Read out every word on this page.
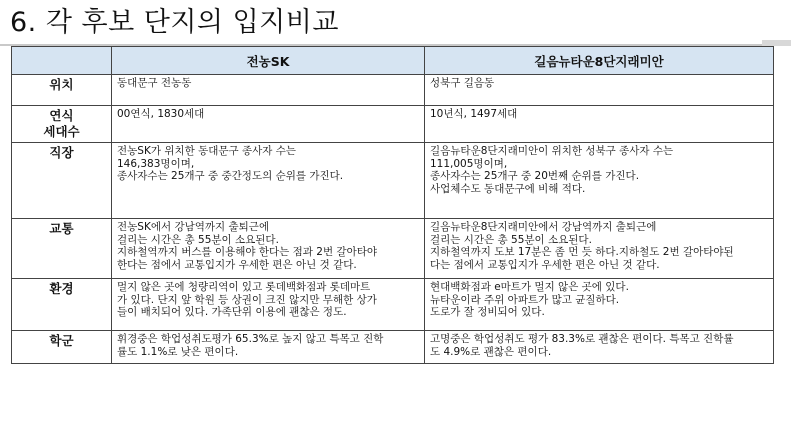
6. 각 후보 단지의 입지비교
	전농SK	길음뉴타운8단지래미안
위치	동대문구 전농동	성북구 길음동
연식
세대수	00연식, 1830세대	10년식, 1497세대
직장	전농SK가 위치한 동대문구 종사자 수는
146,383명이며,
종사자수는 25개구 중 중간정도의 순위를 가진다.	길음뉴타운8단지래미안이 위치한 성북구 종사자 수는
111,005명이며,
종사자수는 25개구 중 20번째 순위를 가진다.
사업체수도 동대문구에 비해 적다.
교통	전농SK에서 강남역까지 출퇴근에
걸리는 시간은 총 55분이 소요된다.
지하철역까지 버스를 이용해야 한다는 점과 2번 갈아타야
한다는 점에서 교통입지가 우세한 편은 아닌 것 같다.	길음뉴타운8단지래미안에서 강남역까지 출퇴근에
걸리는 시간은 총 55분이 소요된다.
지하철역까지 도보 17분은 좀 먼 듯 하다.지하철도 2번 갈아타야된
다는 점에서 교통입지가 우세한 편은 아닌 것 같다.
환경	멀지 않은 곳에 청량리역이 있고 롯데백화점과 롯데마트
가 있다. 단지 앞 학원 등 상권이 크진 않지만 무해한 상가
들이 배치되어 있다. 가족단위 이용에 괜찮은 정도.	현대백화점과 e마트가 멀지 않은 곳에 있다.
뉴타운이라 주위 아파트가 많고 균질하다.
도로가 잘 정비되어 있다.
학군	휘경중은 학업성취도평가 65.3%로 높지 않고 특목고 진학
률도 1.1%로 낮은 편이다.	고명중은 학업성취도 평가 83.3%로 괜찮은 편이다. 특목고 진학률
도 4.9%로 괜찮은 편이다.
